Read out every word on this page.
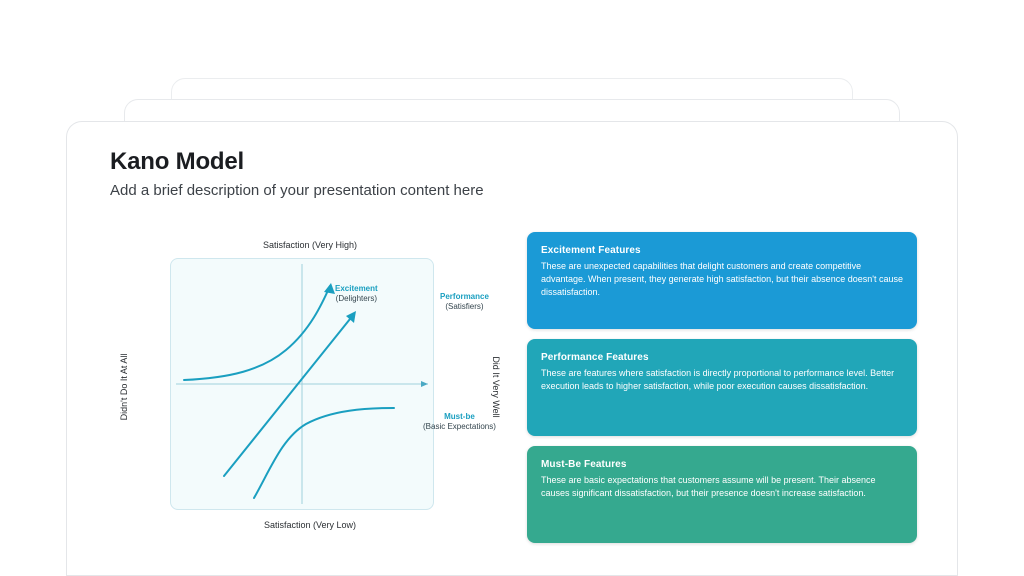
Kano Model
Add a brief description of your presentation content here
Satisfaction (Very High)
Satisfaction (Very Low)
Didn't Do It At All	Did It Very Well
Excitement
(Delighters)	Performance
(Satisfiers)
Must-be
(Basic Expectations)
Excitement Features

These are unexpected capabilities that delight customers and create competitive advantage. When present, they generate high satisfaction, but their absence doesn't cause dissatisfaction.

Performance Features

These are features where satisfaction is directly proportional to performance level. Better execution leads to higher satisfaction, while poor execution causes dissatisfaction.

Must-Be Features

These are basic expectations that customers assume will be present. Their absence causes significant dissatisfaction, but their presence doesn't increase satisfaction.
